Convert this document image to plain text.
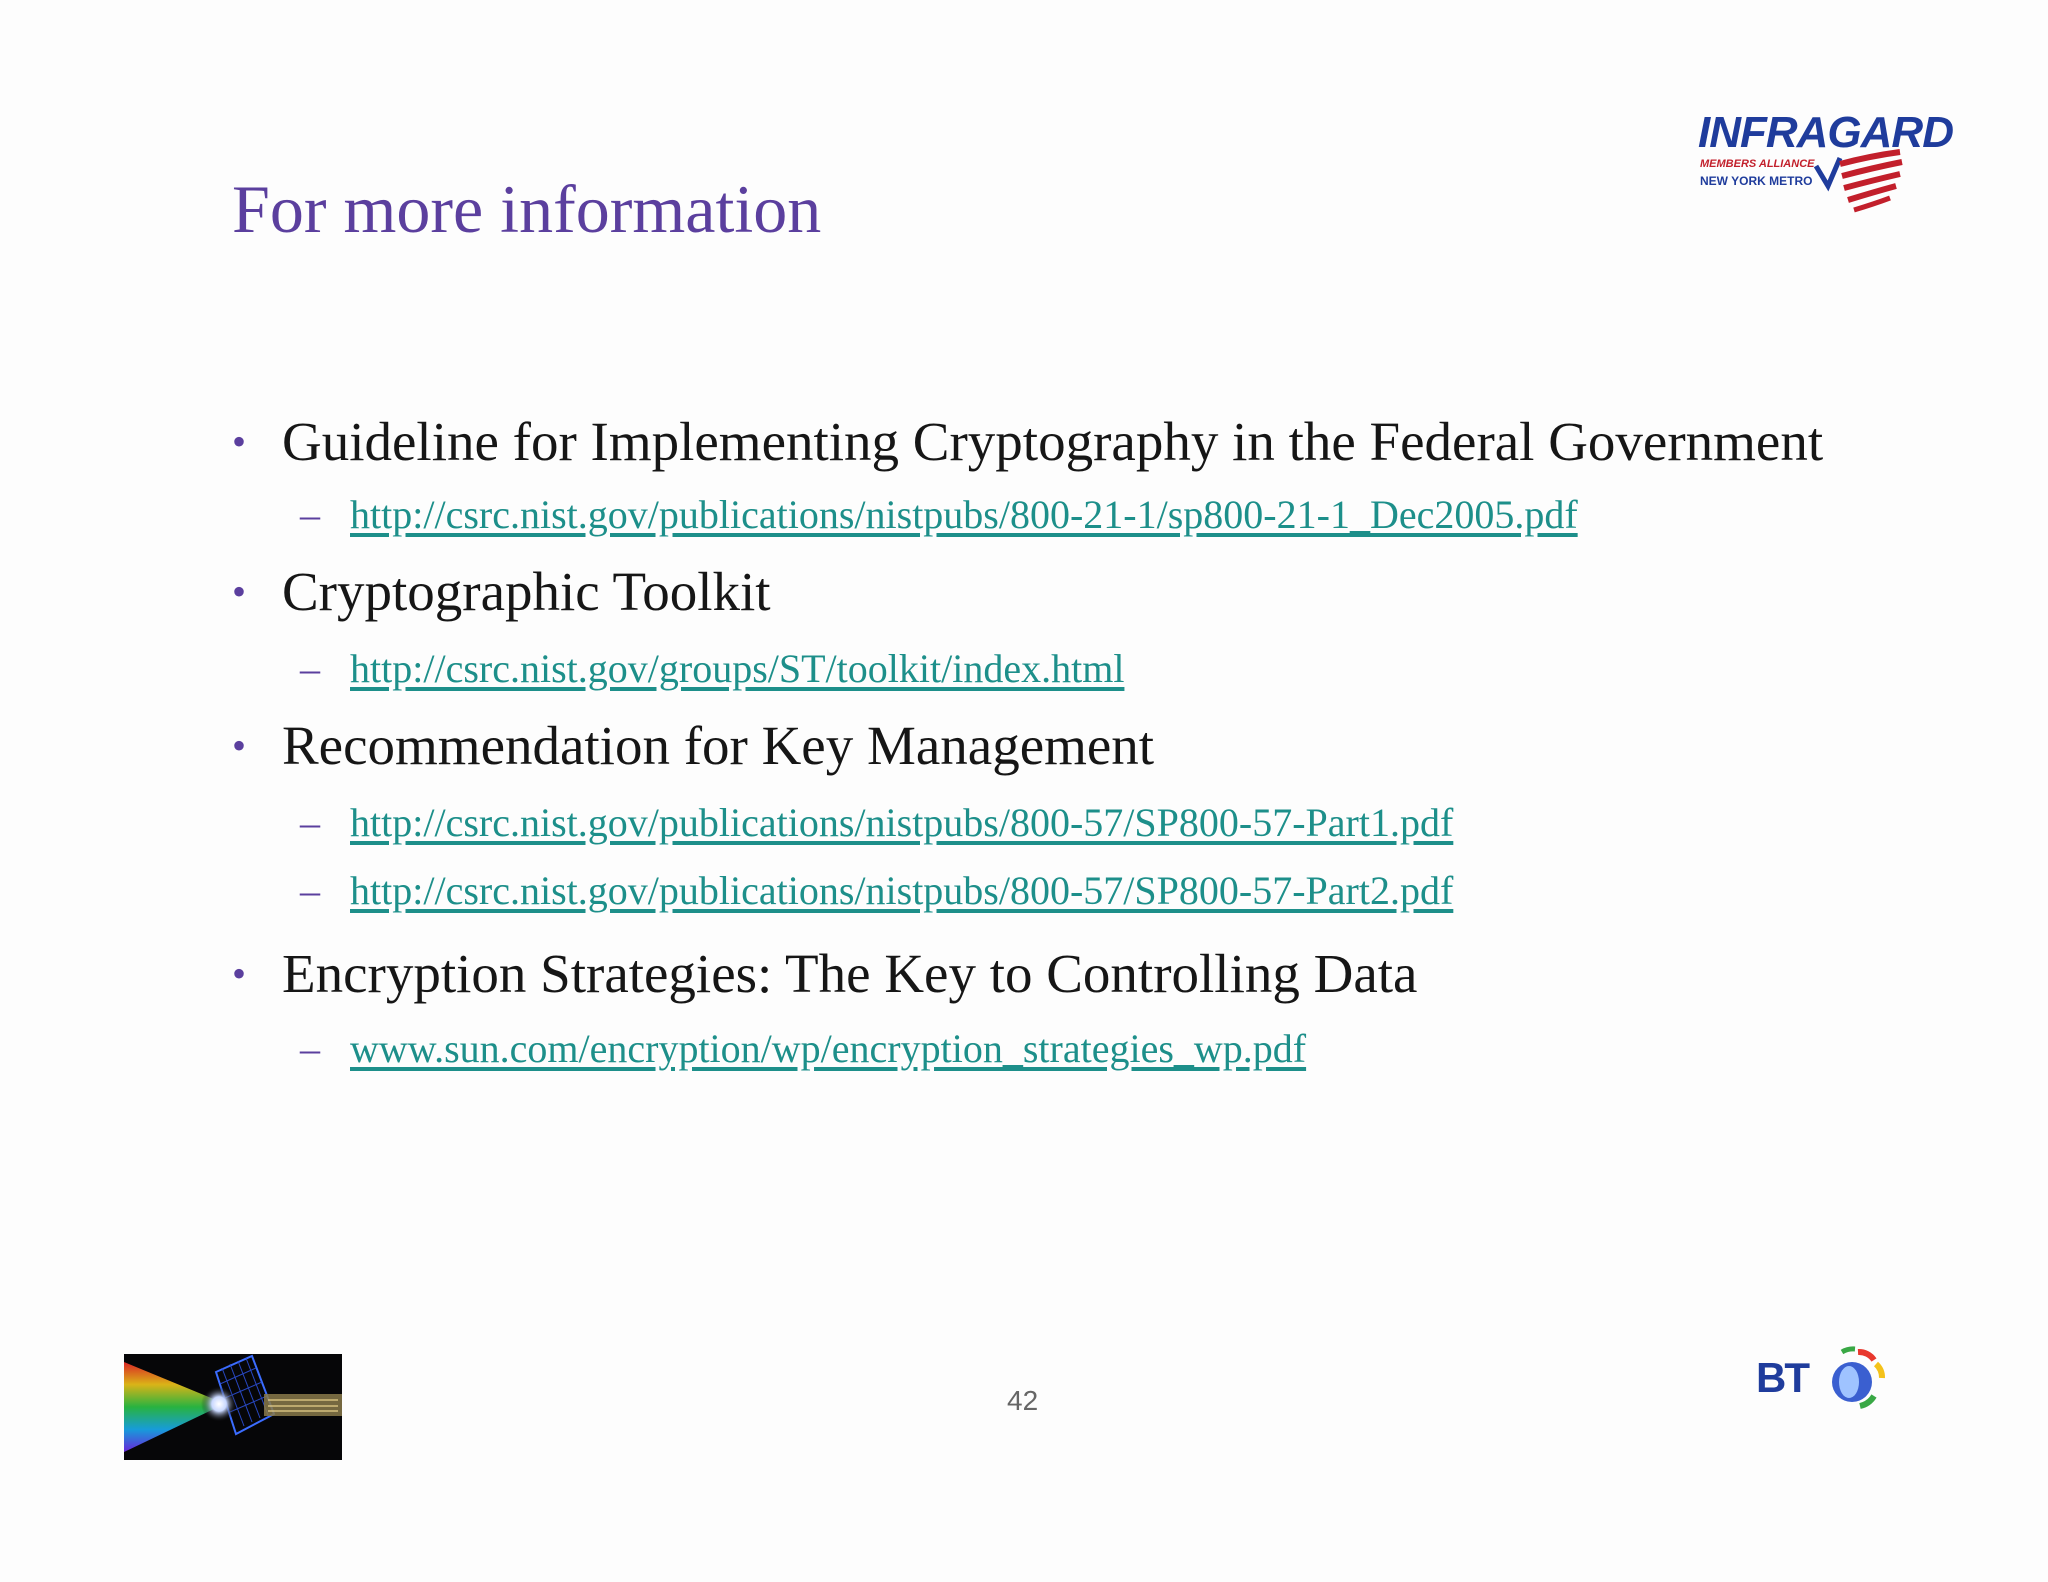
For more information
INFRAGARD
MEMBERS ALLIANCE
NEW YORK METRO
• Guideline for Implementing Cryptography in the Federal Government
– http://csrc.nist.gov/publications/nistpubs/800-21-1/sp800-21-1_Dec2005.pdf
• Cryptographic Toolkit
– http://csrc.nist.gov/groups/ST/toolkit/index.html
• Recommendation for Key Management
– http://csrc.nist.gov/publications/nistpubs/800-57/SP800-57-Part1.pdf
– http://csrc.nist.gov/publications/nistpubs/800-57/SP800-57-Part2.pdf
• Encryption Strategies: The Key to Controlling Data
– www.sun.com/encryption/wp/encryption_strategies_wp.pdf
42	BT
